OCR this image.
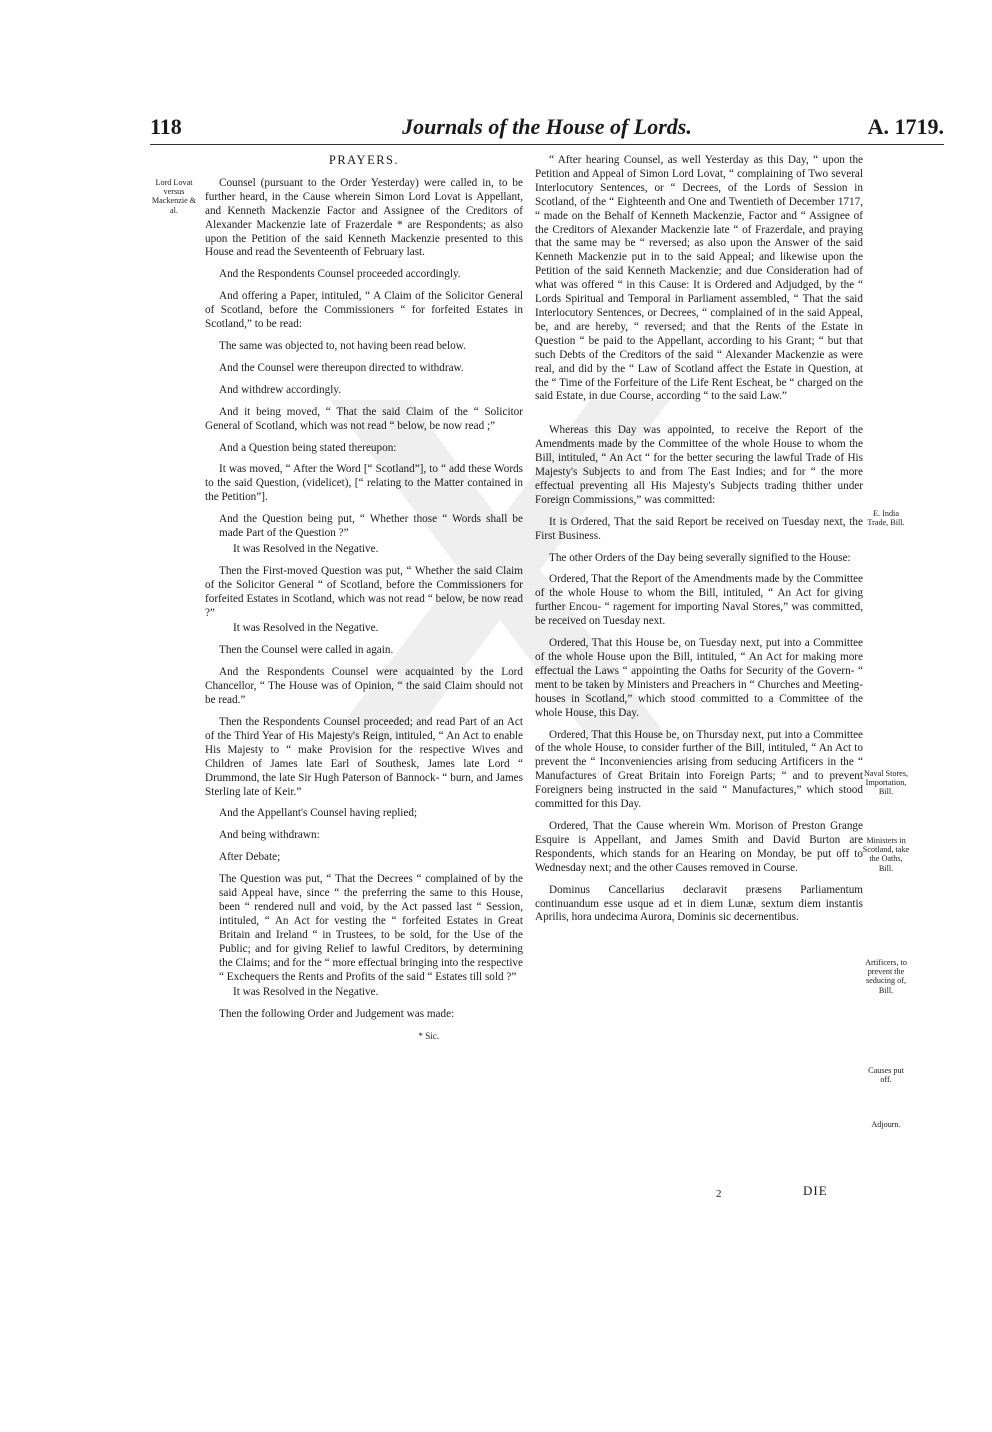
118	Journals of the House of Lords.	A. 1719.
Lord Lovat versus Mackenzie & al.
PRAYERS.

Counsel (pursuant to the Order Yesterday) were called in, to be further heard, in the Cause wherein Simon Lord Lovat is Appellant, and Kenneth Mackenzie Factor and Assignee of the Creditors of Alexander Mackenzie late of Frazerdale * are Respondents; as also upon the Petition of the said Kenneth Mackenzie presented to this House and read the Seventeenth of February last.

And the Respondents Counsel proceeded accordingly.

And offering a Paper, intituled, “ A Claim of the Solicitor General of Scotland, before the Commissioners “ for forfeited Estates in Scotland,” to be read:

The same was objected to, not having been read below.

And the Counsel were thereupon directed to withdraw.

And withdrew accordingly.

And it being moved, “ That the said Claim of the “ Solicitor General of Scotland, which was not read “ below, be now read ;”

And a Question being stated thereupon:

It was moved, “ After the Word [“ Scotland”], to “ add these Words to the said Question, (videlicet), [“ relating to the Matter contained in the Petition”].

And the Question being put, “ Whether those “ Words shall be made Part of the Question ?”

It was Resolved in the Negative.

Then the First-moved Question was put, “ Whether the said Claim of the Solicitor General “ of Scotland, before the Commissioners for forfeited Estates in Scotland, which was not read “ below, be now read ?”

It was Resolved in the Negative.

Then the Counsel were called in again.

And the Respondents Counsel were acquainted by the Lord Chancellor, “ The House was of Opinion, “ the said Claim should not be read.”

Then the Respondents Counsel proceeded; and read Part of an Act of the Third Year of His Majesty's Reign, intituled, “ An Act to enable His Majesty to “ make Provision for the respective Wives and Children of James late Earl of Southesk, James late Lord “ Drummond, the late Sir Hugh Paterson of Bannock- “ burn, and James Sterling late of Keir.”

And the Appellant's Counsel having replied;

And being withdrawn:

After Debate;

The Question was put, “ That the Decrees “ complained of by the said Appeal have, since “ the preferring the same to this House, been “ rendered null and void, by the Act passed last “ Session, intituled, “ An Act for vesting the “ forfeited Estates in Great Britain and Ireland “ in Trustees, to be sold, for the Use of the Public; and for giving Relief to lawful Creditors, by determining the Claims; and for the “ more effectual bringing into the respective “ Exchequers the Rents and Profits of the said “ Estates till sold ?”

It was Resolved in the Negative.

Then the following Order and Judgement was made:

* Sic.

“ After hearing Counsel, as well Yesterday as this Day, “ upon the Petition and Appeal of Simon Lord Lovat, “ complaining of Two several Interlocutory Sentences, or “ Decrees, of the Lords of Session in Scotland, of the “ Eighteenth and One and Twentieth of December 1717, “ made on the Behalf of Kenneth Mackenzie, Factor and “ Assignee of the Creditors of Alexander Mackenzie late “ of Frazerdale, and praying that the same may be “ reversed; as also upon the Answer of the said Kenneth Mackenzie put in to the said Appeal; and likewise upon the Petition of the said Kenneth Mackenzie; and due Consideration had of what was offered “ in this Cause: It is Ordered and Adjudged, by the “ Lords Spiritual and Temporal in Parliament assembled, “ That the said Interlocutory Sentences, or Decrees, “ complained of in the said Appeal, be, and are hereby, “ reversed; and that the Rents of the Estate in Question “ be paid to the Appellant, according to his Grant; “ but that such Debts of the Creditors of the said “ Alexander Mackenzie as were real, and did by the “ Law of Scotland affect the Estate in Question, at the “ Time of the Forfeiture of the Life Rent Escheat, be “ charged on the said Estate, in due Course, according “ to the said Law.”

Whereas this Day was appointed, to receive the Report of the Amendments made by the Committee of the whole House to whom the Bill, intituled, “ An Act “ for the better securing the lawful Trade of His Majesty's Subjects to and from The East Indies; and for “ the more effectual preventing all His Majesty's Subjects trading thither under Foreign Commissions,” was committed:

It is Ordered, That the said Report be received on Tuesday next, the First Business.

The other Orders of the Day being severally signified to the House:

Ordered, That the Report of the Amendments made by the Committee of the whole House to whom the Bill, intituled, “ An Act for giving further Encou- “ ragement for importing Naval Stores,” was committed, be received on Tuesday next.

Ordered, That this House be, on Tuesday next, put into a Committee of the whole House upon the Bill, intituled, “ An Act for making more effectual the Laws “ appointing the Oaths for Security of the Govern- “ ment to be taken by Ministers and Preachers in “ Churches and Meeting-houses in Scotland,” which stood committed to a Committee of the whole House, this Day.

Ordered, That this House be, on Thursday next, put into a Committee of the whole House, to consider further of the Bill, intituled, “ An Act to prevent the “ Inconveniencies arising from seducing Artificers in the “ Manufactures of Great Britain into Foreign Parts; “ and to prevent Foreigners being instructed in the said “ Manufactures,” which stood committed for this Day.

Ordered, That the Cause wherein Wm. Morison of Preston Grange Esquire is Appellant, and James Smith and David Burton are Respondents, which stands for an Hearing on Monday, be put off to Wednesday next; and the other Causes removed in Course.

Dominus Cancellarius declaravit præsens Parliamentum continuandum esse usque ad et in diem Lunæ, sextum diem instantis Aprilis, hora undecima Aurora, Dominis sic decernentibus.

E. India Trade, Bill.
Naval Stores, Importation, Bill.
Ministers in Scotland, take the Oaths, Bill.
Artificers, to prevent the seducing of, Bill.
Causes put off.
Adjourn.
2	DIE
